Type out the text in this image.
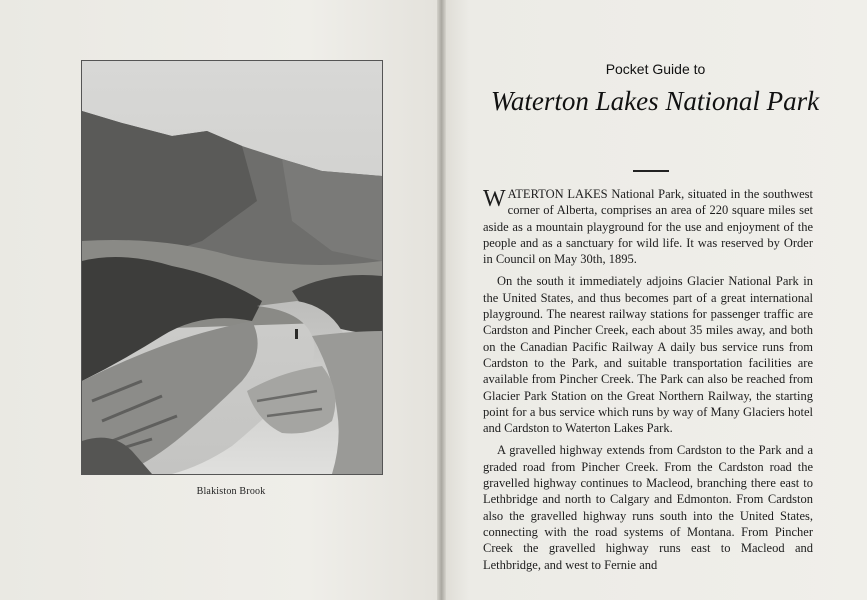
Blakiston Brook
Pocket Guide to
Waterton Lakes National Park

WATERTON LAKES National Park, situated in the southwest corner of Alberta, comprises an area of 220 square miles set aside as a mountain playground for the use and enjoyment of the people and as a sanctuary for wild life. It was reserved by Order in Council on May 30th, 1895.

On the south it immediately adjoins Glacier National Park in the United States, and thus becomes part of a great international playground. The nearest railway stations for passenger traffic are Cardston and Pincher Creek, each about 35 miles away, and both on the Canadian Pacific Railway A daily bus service runs from Cardston to the Park, and suitable transportation facilities are available from Pincher Creek. The Park can also be reached from Glacier Park Station on the Great Northern Railway, the starting point for a bus service which runs by way of Many Glaciers hotel and Cardston to Waterton Lakes Park.

A gravelled highway extends from Cardston to the Park and a graded road from Pincher Creek. From the Cardston road the gravelled highway continues to Macleod, branching there east to Lethbridge and north to Calgary and Edmonton. From Cardston also the gravelled highway runs south into the United States, connecting with the road systems of Montana. From Pincher Creek the gravelled highway runs east to Macleod and Lethbridge, and west to Fernie and
